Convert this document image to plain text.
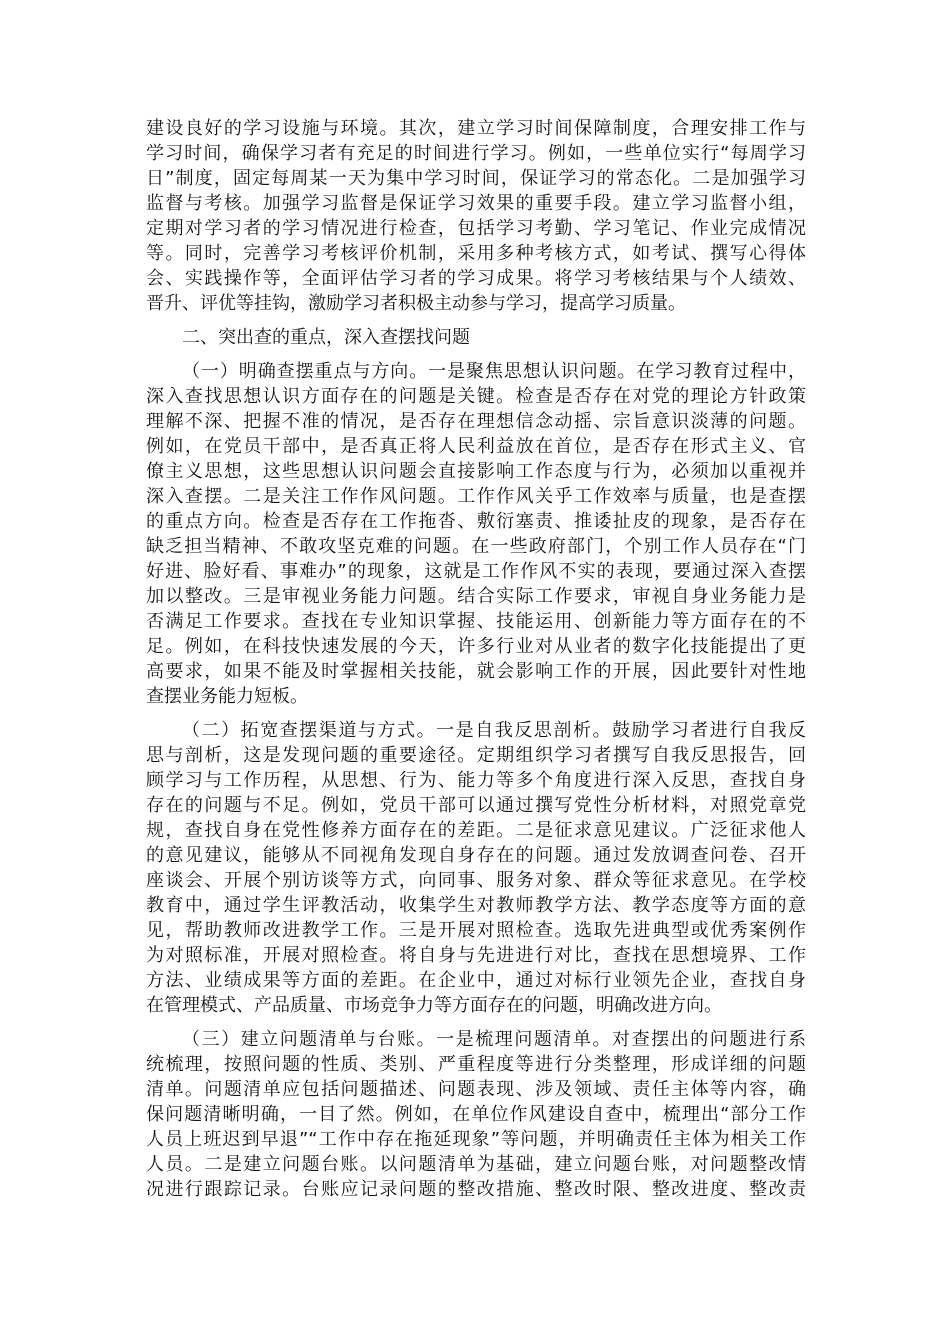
建设良好的学习设施与环境。其次，建立学习时间保障制度，合理安排工作与
学习时间，确保学习者有充足的时间进行学习。例如，一些单位实行“每周学习
日”制度，固定每周某一天为集中学习时间，保证学习的常态化。二是加强学习
监督与考核。加强学习监督是保证学习效果的重要手段。建立学习监督小组，
定期对学习者的学习情况进行检查，包括学习考勤、学习笔记、作业完成情况
等。同时，完善学习考核评价机制，采用多种考核方式，如考试、撰写心得体
会、实践操作等，全面评估学习者的学习成果。将学习考核结果与个人绩效、
晋升、评优等挂钩，激励学习者积极主动参与学习，提高学习质量。
二、突出查的重点，深入查摆找问题
（一）明确查摆重点与方向。一是聚焦思想认识问题。在学习教育过程中，
深入查找思想认识方面存在的问题是关键。检查是否存在对党的理论方针政策
理解不深、把握不准的情况，是否存在理想信念动摇、宗旨意识淡薄的问题。
例如，在党员干部中，是否真正将人民利益放在首位，是否存在形式主义、官
僚主义思想，这些思想认识问题会直接影响工作态度与行为，必须加以重视并
深入查摆。二是关注工作作风问题。工作作风关乎工作效率与质量，也是查摆
的重点方向。检查是否存在工作拖沓、敷衍塞责、推诿扯皮的现象，是否存在
缺乏担当精神、不敢攻坚克难的问题。在一些政府部门，个别工作人员存在“门
好进、脸好看、事难办”的现象，这就是工作作风不实的表现，要通过深入查摆
加以整改。三是审视业务能力问题。结合实际工作要求，审视自身业务能力是
否满足工作要求。查找在专业知识掌握、技能运用、创新能力等方面存在的不
足。例如，在科技快速发展的今天，许多行业对从业者的数字化技能提出了更
高要求，如果不能及时掌握相关技能，就会影响工作的开展，因此要针对性地
查摆业务能力短板。
（二）拓宽查摆渠道与方式。一是自我反思剖析。鼓励学习者进行自我反
思与剖析，这是发现问题的重要途径。定期组织学习者撰写自我反思报告，回
顾学习与工作历程，从思想、行为、能力等多个角度进行深入反思，查找自身
存在的问题与不足。例如，党员干部可以通过撰写党性分析材料，对照党章党
规，查找自身在党性修养方面存在的差距。二是征求意见建议。广泛征求他人
的意见建议，能够从不同视角发现自身存在的问题。通过发放调查问卷、召开
座谈会、开展个别访谈等方式，向同事、服务对象、群众等征求意见。在学校
教育中，通过学生评教活动，收集学生对教师教学方法、教学态度等方面的意
见，帮助教师改进教学工作。三是开展对照检查。选取先进典型或优秀案例作
为对照标准，开展对照检查。将自身与先进进行对比，查找在思想境界、工作
方法、业绩成果等方面的差距。在企业中，通过对标行业领先企业，查找自身
在管理模式、产品质量、市场竞争力等方面存在的问题，明确改进方向。
（三）建立问题清单与台账。一是梳理问题清单。对查摆出的问题进行系
统梳理，按照问题的性质、类别、严重程度等进行分类整理，形成详细的问题
清单。问题清单应包括问题描述、问题表现、涉及领域、责任主体等内容，确
保问题清晰明确，一目了然。例如，在单位作风建设自查中，梳理出“部分工作
人员上班迟到早退”“工作中存在拖延现象”等问题，并明确责任主体为相关工作
人员。二是建立问题台账。以问题清单为基础，建立问题台账，对问题整改情
况进行跟踪记录。台账应记录问题的整改措施、整改时限、整改进度、整改责
